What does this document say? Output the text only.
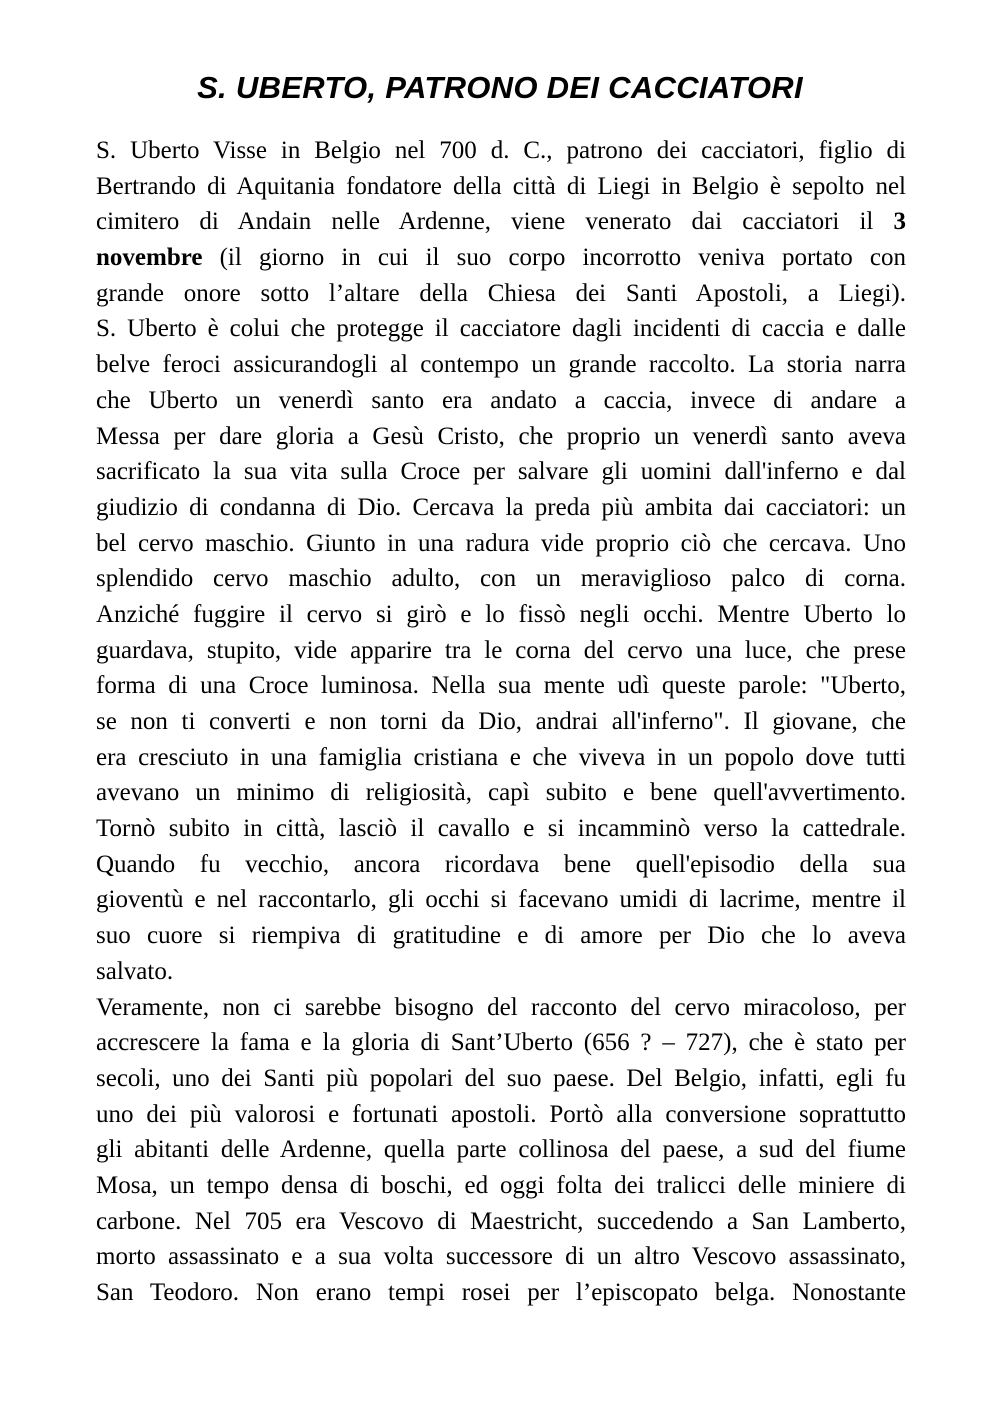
S. UBERTO, PATRONO DEI CACCIATORI
S. Uberto Visse in Belgio nel 700 d. C., patrono dei cacciatori, figlio di
Bertrando di Aquitania fondatore della città di Liegi in Belgio è sepolto nel
cimitero di Andain nelle Ardenne, viene venerato dai cacciatori il 3
novembre (il giorno in cui il suo corpo incorrotto veniva portato con
grande onore sotto l’altare della Chiesa dei Santi Apostoli, a Liegi).
S. Uberto è colui che protegge il cacciatore dagli incidenti di caccia e dalle
belve feroci assicurandogli al contempo un grande raccolto. La storia narra
che Uberto un venerdì santo era andato a caccia, invece di andare a
Messa per dare gloria a Gesù Cristo, che proprio un venerdì santo aveva
sacrificato la sua vita sulla Croce per salvare gli uomini dall'inferno e dal
giudizio di condanna di Dio. Cercava la preda più ambita dai cacciatori: un
bel cervo maschio. Giunto in una radura vide proprio ciò che cercava. Uno
splendido cervo maschio adulto, con un meraviglioso palco di corna.
Anziché fuggire il cervo si girò e lo fissò negli occhi. Mentre Uberto lo
guardava, stupito, vide apparire tra le corna del cervo una luce, che prese
forma di una Croce luminosa. Nella sua mente udì queste parole: "Uberto,
se non ti converti e non torni da Dio, andrai all'inferno". Il giovane, che
era cresciuto in una famiglia cristiana e che viveva in un popolo dove tutti
avevano un minimo di religiosità, capì subito e bene quell'avvertimento.
Tornò subito in città, lasciò il cavallo e si incamminò verso la cattedrale.
Quando fu vecchio, ancora ricordava bene quell'episodio della sua
gioventù e nel raccontarlo, gli occhi si facevano umidi di lacrime, mentre il
suo cuore si riempiva di gratitudine e di amore per Dio che lo aveva
salvato.
Veramente, non ci sarebbe bisogno del racconto del cervo miracoloso, per
accrescere la fama e la gloria di Sant’Uberto (656 ? – 727), che è stato per
secoli, uno dei Santi più popolari del suo paese. Del Belgio, infatti, egli fu
uno dei più valorosi e fortunati apostoli. Portò alla conversione soprattutto
gli abitanti delle Ardenne, quella parte collinosa del paese, a sud del fiume
Mosa, un tempo densa di boschi, ed oggi folta dei tralicci delle miniere di
carbone. Nel 705 era Vescovo di Maestricht, succedendo a San Lamberto,
morto assassinato e a sua volta successore di un altro Vescovo assassinato,
San Teodoro. Non erano tempi rosei per l’episcopato belga. Nonostante
